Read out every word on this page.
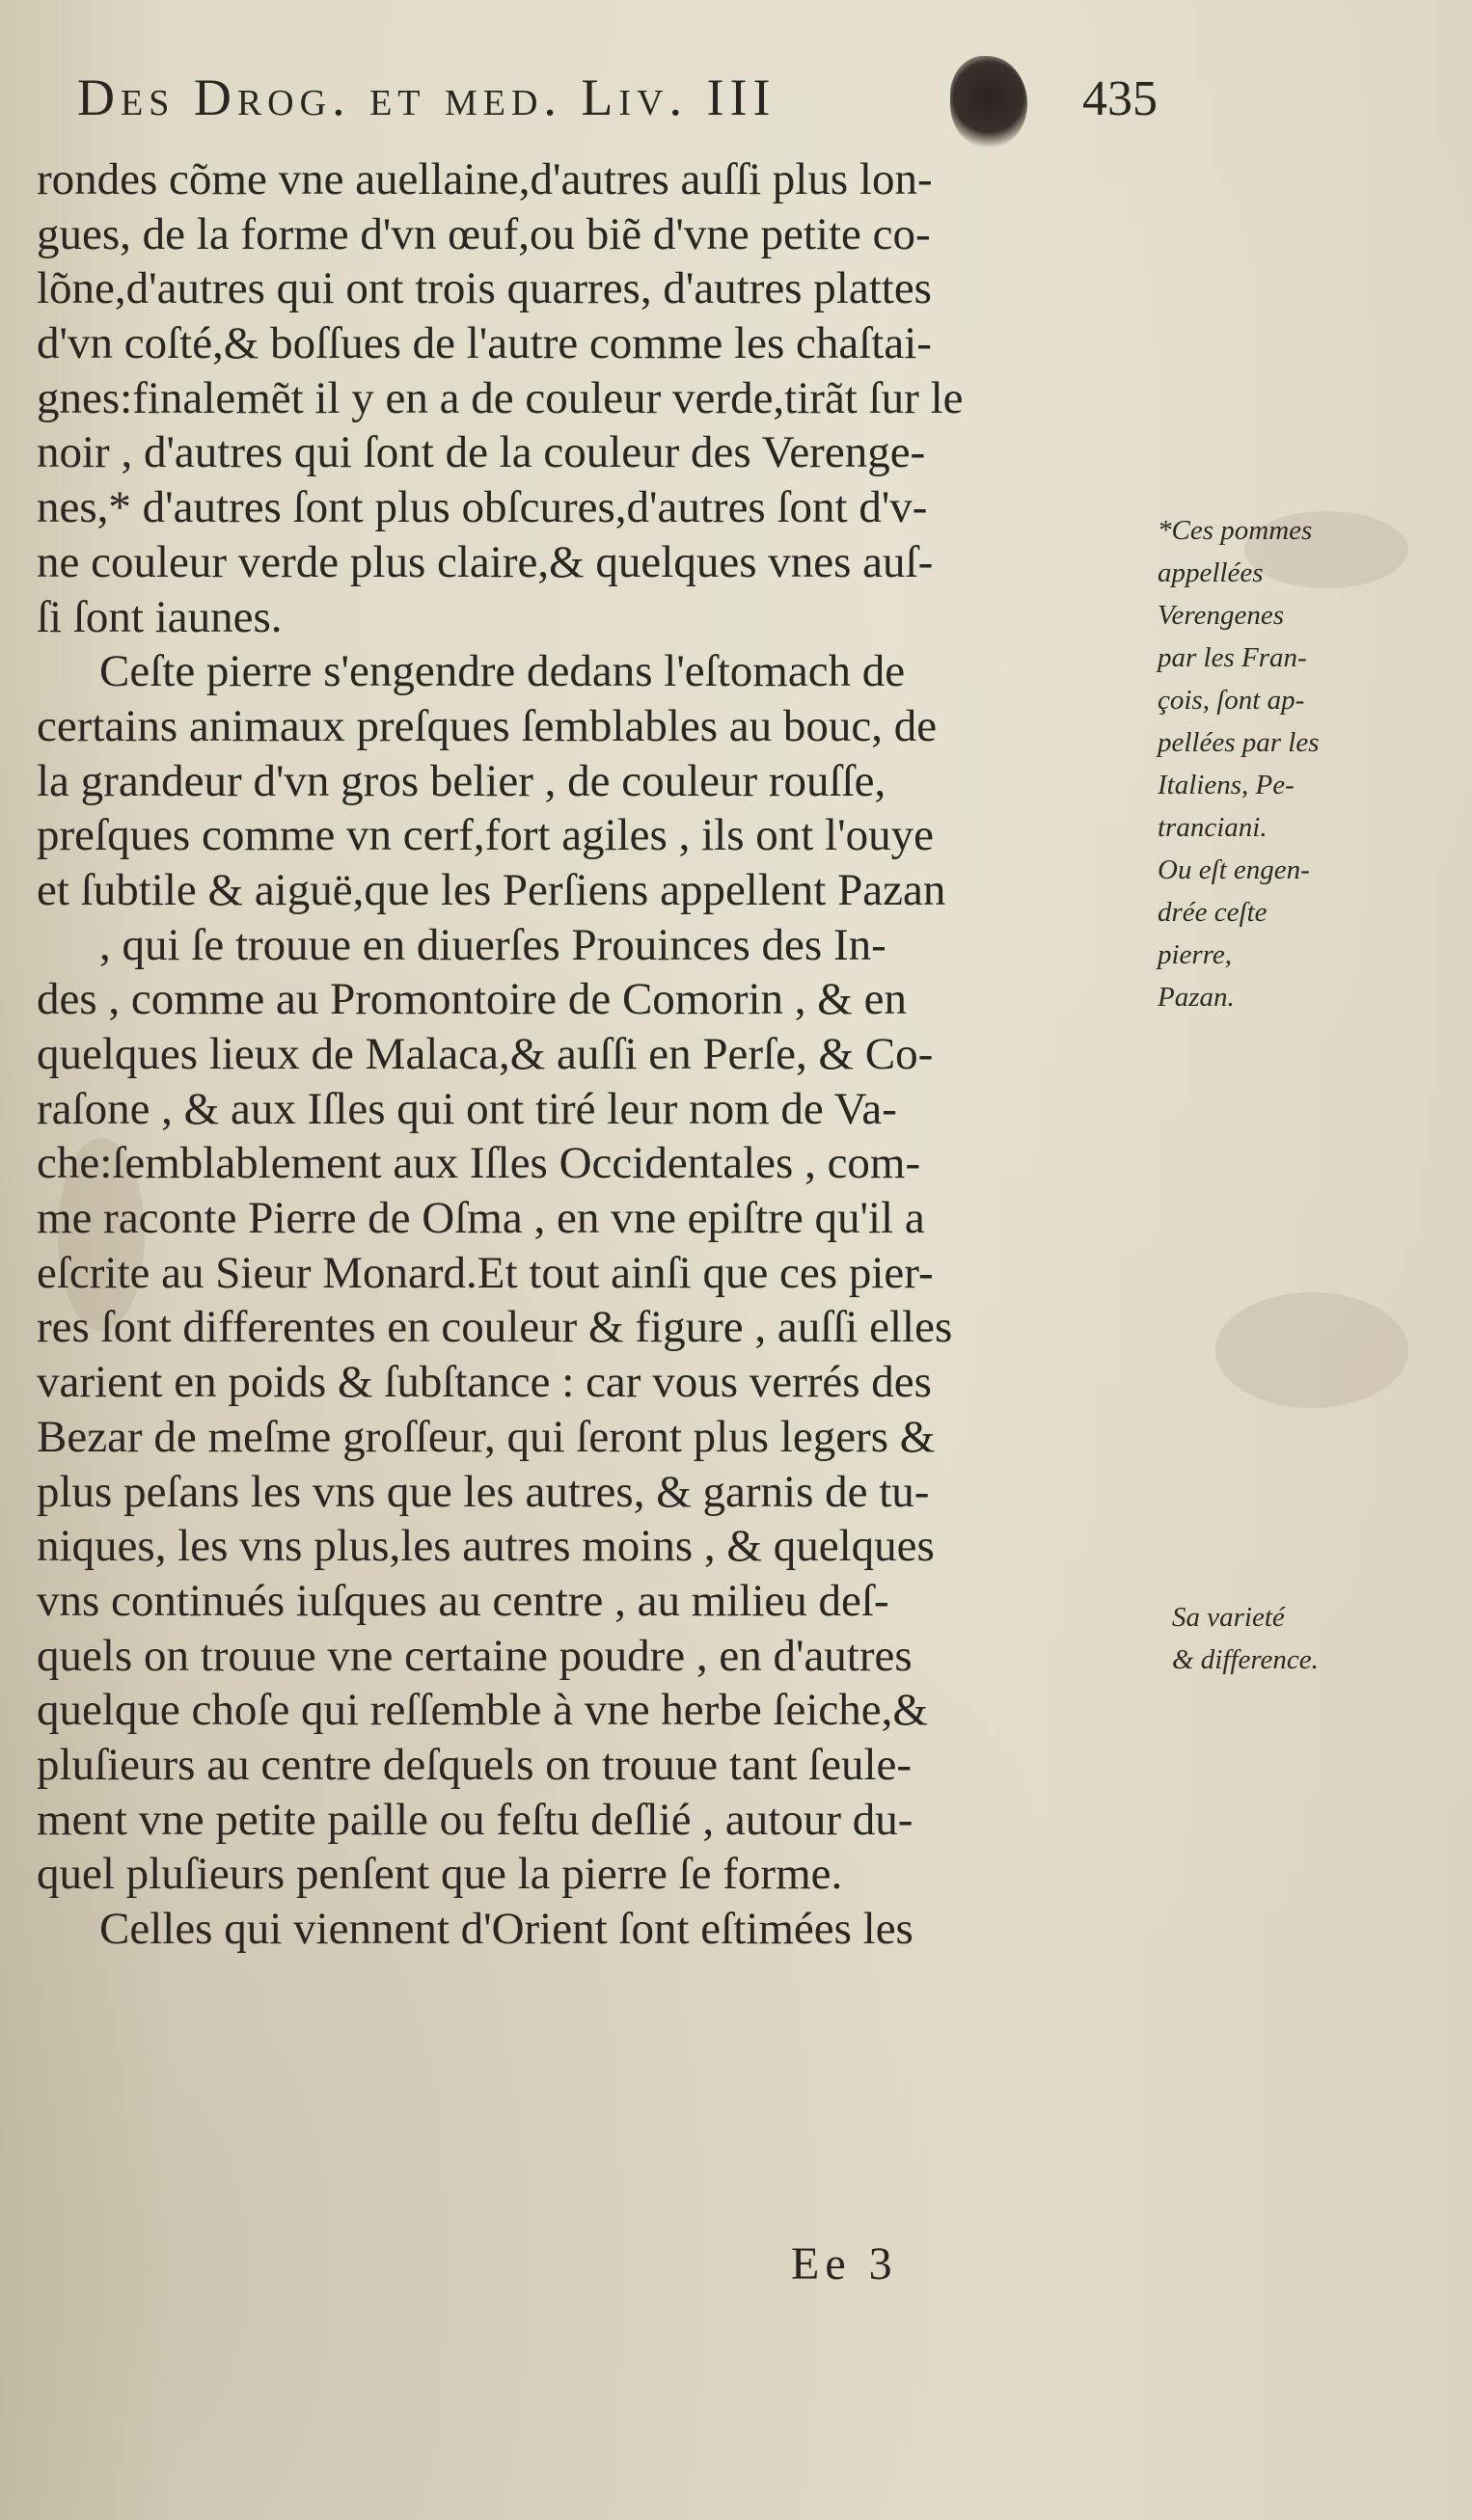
Des Drog. et med. Liv. III	435
rondes cõme vne auellaine,d'autres auſſi plus lon-
gues, de la forme d'vn œuf,ou biẽ d'vne petite co-
lõne,d'autres qui ont trois quarres, d'autres plattes
d'vn coſté,& boſſues de l'autre comme les chaſtai-
gnes:finalemẽt il y en a de couleur verde,tirãt ſur le
noir , d'autres qui ſont de la couleur des Verenge-
nes,* d'autres ſont plus obſcures,d'autres ſont d'v-
ne couleur verde plus claire,& quelques vnes auſ-
ſi ſont iaunes.
Ceſte pierre s'engendre dedans l'eſtomach de
certains animaux preſques ſemblables au bouc, de
la grandeur d'vn gros belier , de couleur rouſſe,
preſques comme vn cerf,fort agiles , ils ont l'ouye
et ſubtile & aiguë,que les Perſiens appellent Pazan
, qui ſe trouue en diuerſes Prouinces des In-
des , comme au Promontoire de Comorin , & en
quelques lieux de Malaca,& auſſi en Perſe, & Co-
raſone , & aux Iſles qui ont tiré leur nom de Va-
che:ſemblablement aux Iſles Occidentales , com-
me raconte Pierre de Oſma , en vne epiſtre qu'il a
eſcrite au Sieur Monard.Et tout ainſi que ces pier-
res ſont differentes en couleur & figure , auſſi elles
varient en poids & ſubſtance : car vous verrés des
Bezar de meſme groſſeur, qui ſeront plus legers &
plus peſans les vns que les autres, & garnis de tu-
niques, les vns plus,les autres moins , & quelques
vns continués iuſques au centre , au milieu deſ-
quels on trouue vne certaine poudre , en d'autres
quelque choſe qui reſſemble à vne herbe ſeiche,&
pluſieurs au centre deſquels on trouue tant ſeule-
ment vne petite paille ou feſtu deſlié , autour du-
quel pluſieurs penſent que la pierre ſe forme.
Celles qui viennent d'Orient ſont eſtimées les
*Ces pommes
appellées
Verengenes
par les Fran-
çois, ſont ap-
pellées par les
Italiens, Pe-
tranciani.
Ou eſt engen-
drée ceſte
pierre,
Pazan.
Sa varieté
& difference.
Ee 3
